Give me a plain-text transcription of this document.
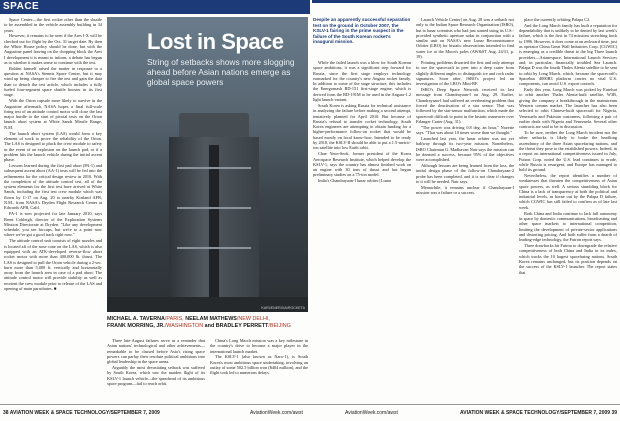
SPACE

Space Center—the first rocket other than the shuttle to be assembled in the vehicle assembly building in 34 years.

However, it remains to be seen if the Ares I-X will be checked out for flight by the Oct. 31 target date. By then the White House policy should be done, but with the Augustine panel leaving on the chopping block the Ares I development it is meant to inform, a debate has begun as to whether it makes sense to continue with the test.

Bolden himself raised the matter in response to a question at NASA's Stennis Space Center, but it may wind up being cheaper to fire the test and gain the data than to detach the test article, which includes a fully fueled four-segment space shuttle booster in its first stage.

With the Orion capsule more likely to survive in the Augustine aftermath, NASA hopes a final full-scale firing test of an attitude control motor will close the last major hurdle to the start of pivotal tests on the Orion launch abort system at White Sands Missile Range, N.M.

The launch abort system (LAS) would form a key element of work to prove the reliability of the Orion. The LAS is designed to pluck the crew module to safety in the event of an explosion on the launch pad, or if a problem hits the launch vehicle during the initial ascent phase.

Lessons learned during the first pad abort (PA-1) and subsequent ascent abort (AA-1) tests will be fed into the refinements for the critical design review in 2010. With the completion of the attitude control test, all of the system elements for the first test have arrived at White Sands, including the first test crew module which was flown by C-17 on Aug. 20 to nearby Kirtland AFB, N.M., from NASA's Dryden Flight Research Center at Edwards AFB, Calif.

PA-1 is now projected for late January 2010, says Brent Cobleigh, director of the Exploration Systems Mission Directorate at Dryden. "Like any development schedule, you see hiccups, but we're to a point now where we've got a good track right now."

The attitude control unit consists of eight nozzles and is located aft of the nose cone on the LAS, which is also equipped with an ATK-developed reverse-flow abort rocket motor with more than 400,000 lb. thrust. The LAS is designed to pull the Orion vehicle during a 2-sec. burn more than 5,000 ft. vertically and horizontally away from the launch area in case of a pad abort. The attitude control motor will provide stability as well as reorient the crew module prior to release of the LAS and opening of main parachutes. ■

Lost in Space
String of setbacks shows more slogging ahead before Asian nations emerge as global space powers
KARI/ENERGIA/ROCKETA
MICHAEL A. TAVERNA/PARIS, NEELAM MATHEWS/NEW DELHI,
FRANK MORRING, JR./WASHINGTON and BRADLEY PERRETT/BEIJING

Three late-August failures serve as a reminder that Asian nations' technological and other achievements—remarkable to be classed before Asia's rising space powers can parlay their resolute political ambitions into global leadership in the space arena.

Arguably the most devastating setback was suffered by South Korea, which saw the maiden flight of its KSLV-1 launch vehicle—the spearhead of its ambitious space program—fail to reach orbit.

China's Long March mission was a key milestone in the country's drive to become a major player in the international launch market.

The KSLV-1 (also known as Naro-1), is South Korea's most ambitious space undertaking, involving an outlay of some 502.5 billion won ($404 million), and the flight took led to numerous delays.

Despite an apparently successful separation test on the ground in October 2007, the KSLV-1 fairing in the prime suspect in the failure of the South Korean rocket's inaugural mission.

While the failed launch was a blow for South Korean space ambitions, it was a significant step forward for Russia, since the first stage employs technology earmarked for the country's new Angara rocket family. In addition to some of the stage structure, this includes the Energomash RD-151 first-stage engine, which is derived from the RD-191M to be used in the Angara-1.2 light launch variant.

South Korea is asking Russia for technical assistance in analyzing the failure before making a second attempt, tentatively planned for April 2010. But because of Russia's refusal to transfer rocket technology, South Korea engineers are attempting to obtain funding for a higher-performance follow-on rocket that would be based mostly on local know-how. Intended to be ready by 2018, the KSLV-II should be able to put a 1.5-metric-ton satellite into low Earth orbit.

Chae Yeon-Seok, former president of the Korea Aerospace Research Institute, which helped develop the KSLV-1, says the country has almost finished work on an engine with 30 tons of thrust and has begun preliminary studies on a 75-ton model.

India's Chandrayaan-I lunar orbiter [Lunar

Launch Vehicle Center] on Aug. 28 was a setback not only to the Indian Space Research Organization (ISRO), but to lunar scientists who had just started using its U.S.-provided synthetic aperture radar in conjunction with a similar unit on NASA's new Lunar Reconnaissance Orbiter (LRO) for bistatic observations intended to find water ice at the Moon's poles (AW&ST Aug. 24/31, p. 19).

Pointing problems thwarted the first and only attempt to use the spacecraft in peer into a deep crater from slightly different angles to distinguish ice and rock radar signatures. Soon after, ISRO's project led an investigation of the LRO's Mini-RF.

ISRO's Deep Space Network received its last message from Chandrayaan-I on Aug. 29. Earlier, Chandrayaan-I had suffered an overheating problem that forced the deactivation of a star sensor. That was followed by the star-sensor malfunction, which made the spacecraft difficult to point in the bistatic maneuver over Erlanger Crater (Aug. 31).

"The power was driving 0.8 deg. an hour," Nozette says. "That was about 10 times worse than we thought."

Launched last year, the lunar orbiter was not yet halfway through its two-year mission. Nonetheless, ISRO Chairman G. Madhavan Nair says the mission can be deemed a success, because 95% of the objectives were accomplished.

Although lessons are being learned from the loss, the initial design phase of the follow-on Chandrayaan-2 probe has been completed, and it is not clear if changes to it will be needed, Nair says.

Meanwhile, it remains unclear if Chandrayaan-I mission was a failure or a success.

place the currently orbiting Palapa C2.

And the Long March family has built a reputation for dependability that is unlikely to be dented by last week's failure, which is the first in 74 missions stretching back to 1996. However, it does come at an awkward time, just as operator China Great Wall Industries Corp. (CGWIC) is emerging as a credible threat to the big Three launch providers—Arianespace, International Launch Services and, in particular, financially troubled Sea Launch. Palapa D was the fourth Thales Alenia satellite to be sent to orbit by Long March, which, because the spacecraft's Spacebus 4000B3 platform carries no vital U.S. components, can avoid U.S. export controls.

Early this year, Long March was picked by Eutelsat to orbit another Thales Alenia-built satellite, W3B, giving the company a breakthrough in the mainstream Western comms market. The launcher has also been selected to orbit Chinese-built spacecraft for Nigeria, Venezuela and Pakistan customers, following a pair of earlier deals with Nigeria and Venezuela. Several other contracts are said to be in discussion.

To be sure, neither the Long March incident nor the other setbacks is likely to brake the headlong ascendancy of the three Asian spacefaring nations, and the threat they pose to the established powers. Indeed, in a report on international competitiveness issued in July, Futron Corp. noted the U.S. lead continues to erode, while Russia is resurgent, and Europe has managed to hold its ground.

Nevertheless, the report identifies a number of weaknesses that threaten the competitiveness of Asian space powers, as well. A serious stumbling block for China is a lack of transparency at both the political and industrial levels, as borne out by the Palapa D failure, which CGWIC has still failed to confirm as of late last week.

Both China and India continue to lack full autonomy in space by domestic communications, broadcasting and other space markets to international competition, limiting the development of private-sector applications and distorting pricing. And both suffer from a dearth of leading-edge technology, the Futron report says.

Three drawbacks hit Futron to downgrade the relative competitiveness of both China and India in its index, which tracks the 10 largest spacefaring nations. South Korea remains unchanged, but its position depends on the success of the KSLV-1 launcher. The report states that

38 AVIATION WEEK & SPACE TECHNOLOGY/SEPTEMBER 7, 2009	AviationWeek.com/awst	AviationWeek.com/awst	AVIATION WEEK & SPACE TECHNOLOGY/SEPTEMBER 7, 2009 39
